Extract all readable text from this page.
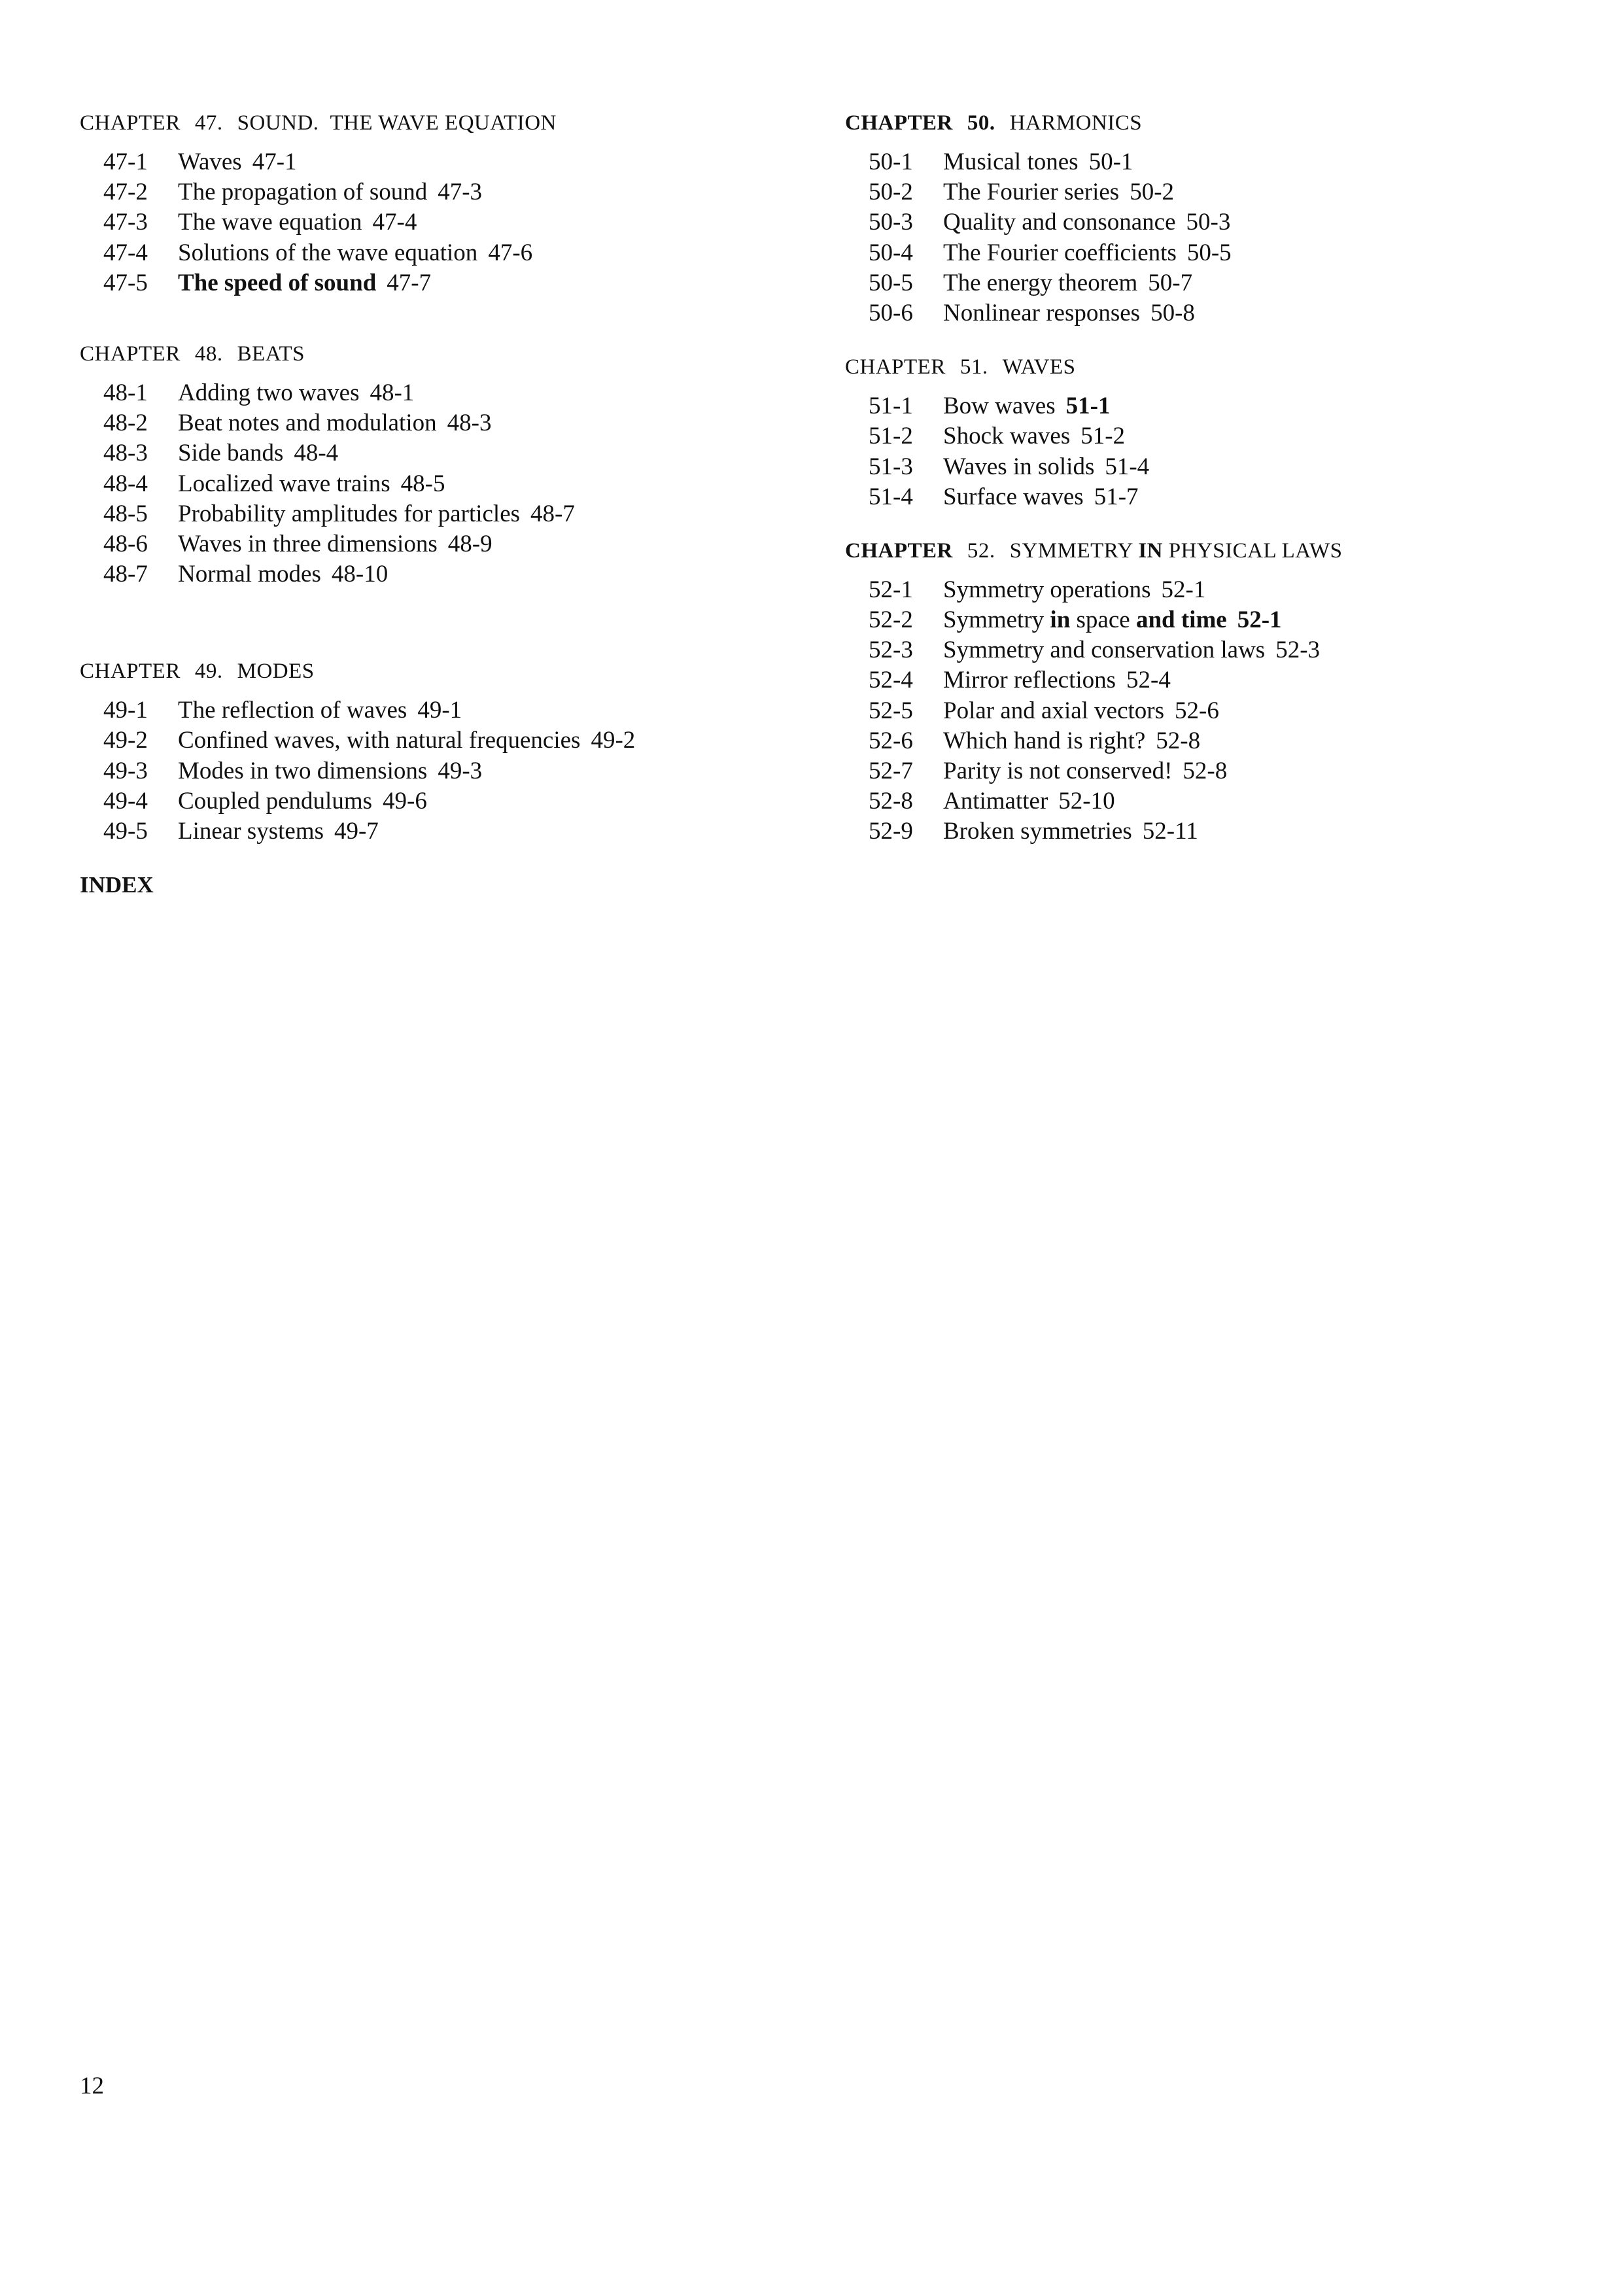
CHAPTER 47. SOUND.  THE WAVE EQUATION
47-1 Waves 47-1
47-2 The propagation of sound 47-3
47-3 The wave equation 47-4
47-4 Solutions of the wave equation 47-6
47-5 The speed of sound 47-7
CHAPTER 48. BEATS
48-1 Adding two waves 48-1
48-2 Beat notes and modulation 48-3
48-3 Side bands 48-4
48-4 Localized wave trains 48-5
48-5 Probability amplitudes for particles 48-7
48-6 Waves in three dimensions 48-9
48-7 Normal modes 48-10
CHAPTER 49. MODES
49-1 The reflection of waves 49-1
49-2 Confined waves, with natural frequencies 49-2
49-3 Modes in two dimensions 49-3
49-4 Coupled pendulums 49-6
49-5 Linear systems 49-7
INDEX
CHAPTER 50. HARMONICS
50-1 Musical tones 50-1
50-2 The Fourier series 50-2
50-3 Quality and consonance 50-3
50-4 The Fourier coefficients 50-5
50-5 The energy theorem 50-7
50-6 Nonlinear responses 50-8
CHAPTER 51. WAVES
51-1 Bow waves 51-1
51-2 Shock waves 51-2
51-3 Waves in solids 51-4
51-4 Surface waves 51-7
CHAPTER 52. SYMMETRY IN PHYSICAL LAWS
52-1 Symmetry operations 52-1
52-2 Symmetry in space and time 52-1
52-3 Symmetry and conservation laws 52-3
52-4 Mirror reflections 52-4
52-5 Polar and axial vectors 52-6
52-6 Which hand is right? 52-8
52-7 Parity is not conserved! 52-8
52-8 Antimatter 52-10
52-9 Broken symmetries 52-11
12
